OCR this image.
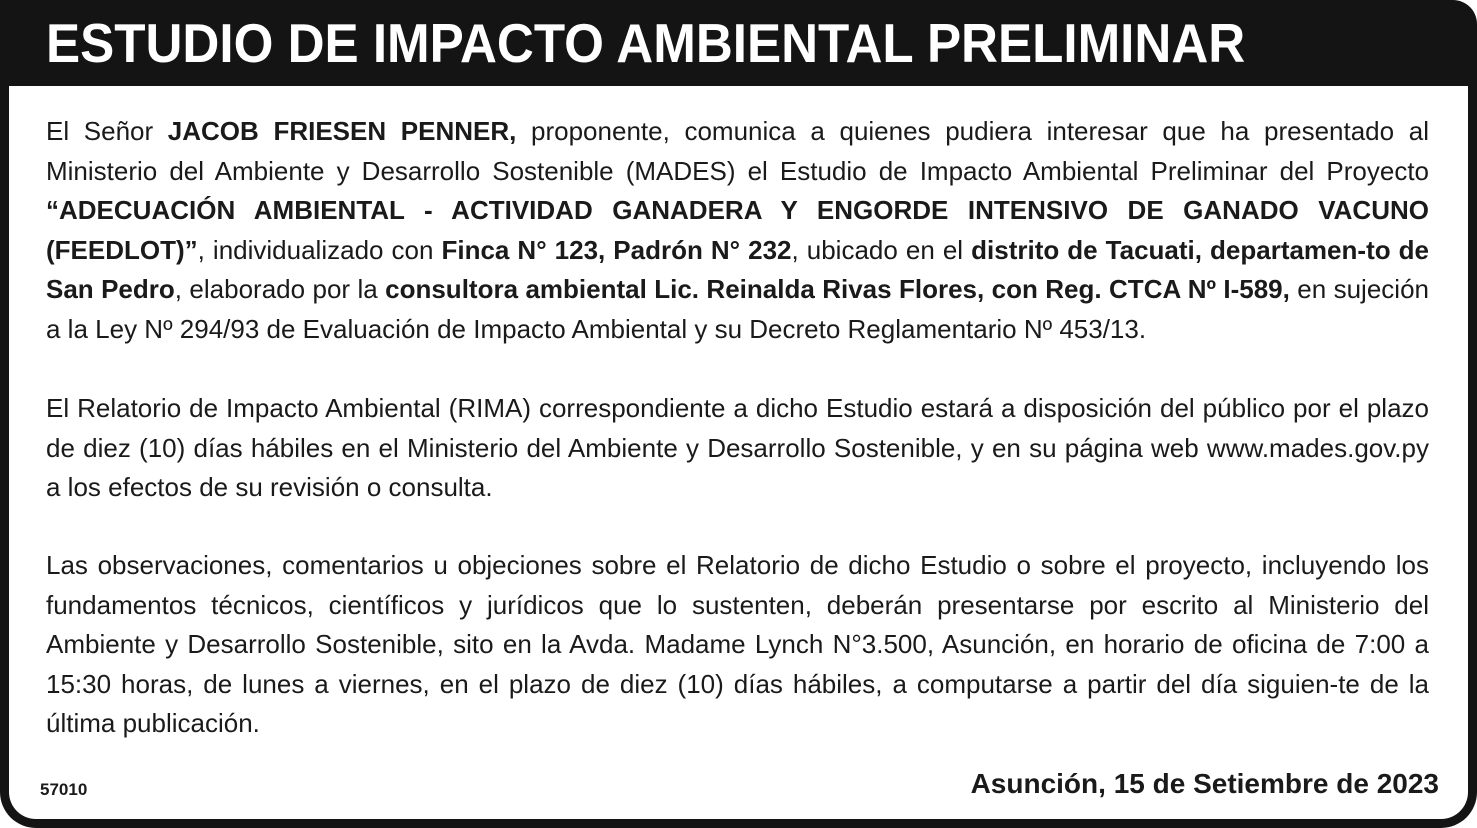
ESTUDIO DE IMPACTO AMBIENTAL PRELIMINAR

El Señor JACOB FRIESEN PENNER, proponente, comunica a quienes pudiera interesar que ha presentado al Ministerio del Ambiente y Desarrollo Sostenible (MADES) el Estudio de Impacto Ambiental Preliminar del Proyecto “ADECUACIÓN AMBIENTAL - ACTIVIDAD GANADERA Y ENGORDE INTENSIVO DE GANADO VACUNO (FEEDLOT)”, individualizado con Finca N° 123, Padrón N° 232, ubicado en el distrito de Tacuati, departamen-to de San Pedro, elaborado por la consultora ambiental Lic. Reinalda Rivas Flores, con Reg. CTCA Nº I-589, en sujeción a la Ley Nº 294/93 de Evaluación de Impacto Ambiental y su Decreto Reglamentario Nº 453/13.

El Relatorio de Impacto Ambiental (RIMA) correspondiente a dicho Estudio estará a disposición del público por el plazo de diez (10) días hábiles en el Ministerio del Ambiente y Desarrollo Sostenible, y en su página web www.mades.gov.py a los efectos de su revisión o consulta.

Las observaciones, comentarios u objeciones sobre el Relatorio de dicho Estudio o sobre el proyecto, incluyendo los fundamentos técnicos, científicos y jurídicos que lo sustenten, deberán presentarse por escrito al Ministerio del Ambiente y Desarrollo Sostenible, sito en la Avda. Madame Lynch N°3.500, Asunción, en horario de oficina de 7:00 a 15:30 horas, de lunes a viernes, en el plazo de diez (10) días hábiles, a computarse a partir del día siguien-te de la última publicación.

57010	Asunción, 15 de Setiembre de 2023
